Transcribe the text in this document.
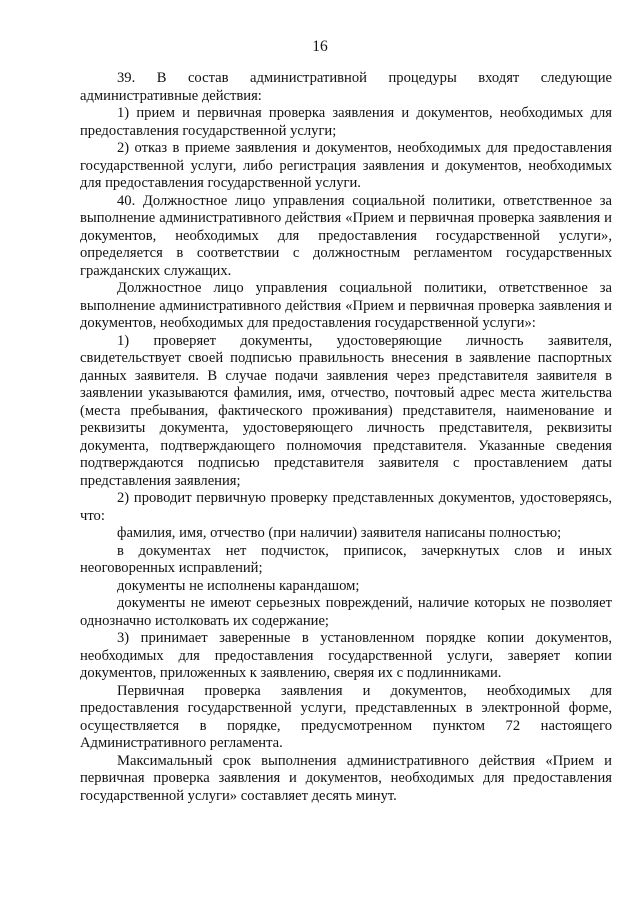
16

39. В состав административной процедуры входят следующие административные действия:

1) прием и первичная проверка заявления и документов, необходимых для предоставления государственной услуги;

2) отказ в приеме заявления и документов, необходимых для предоставления государственной услуги, либо регистрация заявления и документов, необходимых для предоставления государственной услуги.

40. Должностное лицо управления социальной политики, ответственное за выполнение административного действия «Прием и первичная проверка заявления и документов, необходимых для предоставления государственной услуги», определяется в соответствии с должностным регламентом государственных гражданских служащих.

Должностное лицо управления социальной политики, ответственное за выполнение административного действия «Прием и первичная проверка заявления и документов, необходимых для предоставления государственной услуги»:

1) проверяет документы, удостоверяющие личность заявителя, свидетельствует своей подписью правильность внесения в заявление паспортных данных заявителя. В случае подачи заявления через представителя заявителя в заявлении указываются фамилия, имя, отчество, почтовый адрес места жительства (места пребывания, фактического проживания) представителя, наименование и реквизиты документа, удостоверяющего личность представителя, реквизиты документа, подтверждающего полномочия представителя. Указанные сведения подтверждаются подписью представителя заявителя с проставлением даты представления заявления;

2) проводит первичную проверку представленных документов, удостоверяясь, что:

фамилия, имя, отчество (при наличии) заявителя написаны полностью;

в документах нет подчисток, приписок, зачеркнутых слов и иных неоговоренных исправлений;

документы не исполнены карандашом;

документы не имеют серьезных повреждений, наличие которых не позволяет однозначно истолковать их содержание;

3) принимает заверенные в установленном порядке копии документов, необходимых для предоставления государственной услуги, заверяет копии документов, приложенных к заявлению, сверяя их с подлинниками.

Первичная проверка заявления и документов, необходимых для предоставления государственной услуги, представленных в электронной форме, осуществляется в порядке, предусмотренном пунктом 72 настоящего Административного регламента.

Максимальный срок выполнения административного действия «Прием и первичная проверка заявления и документов, необходимых для предоставления государственной услуги» составляет десять минут.
